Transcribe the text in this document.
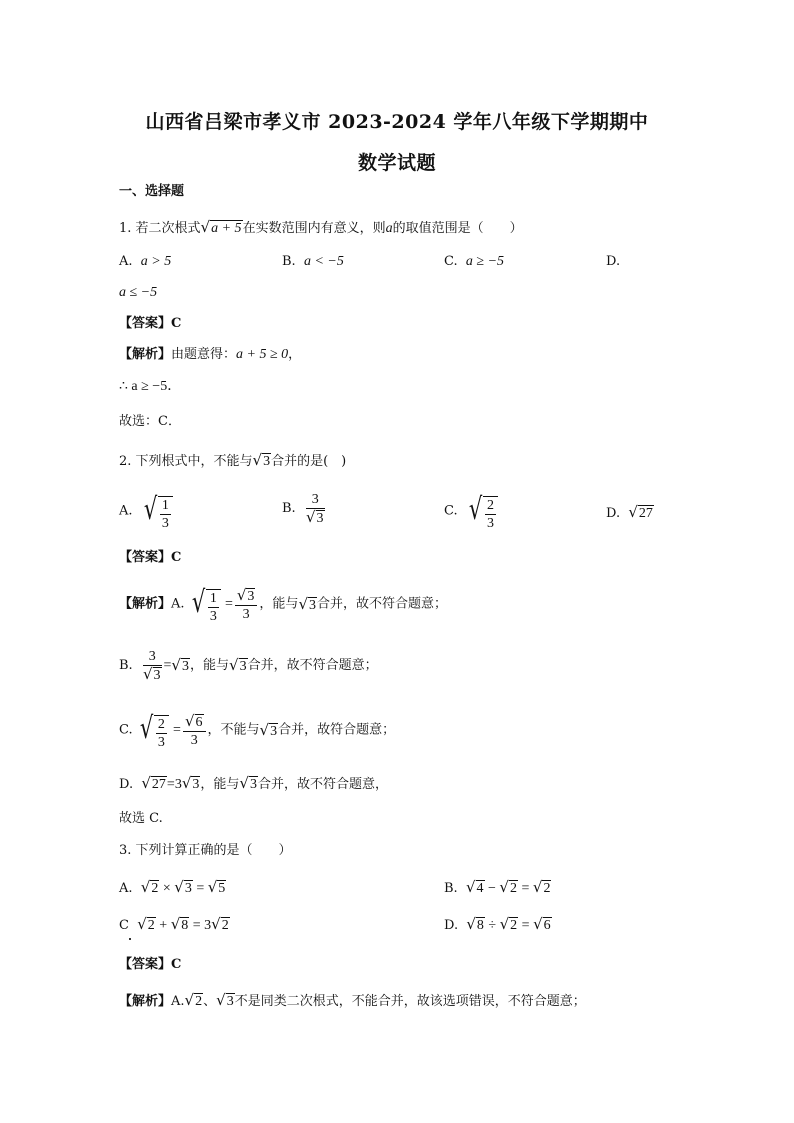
山西省吕梁市孝义市 2023-2024 学年八年级下学期期中
数学试题
一、选择题
1. 若二次根式√a + 5在实数范围内有意义，则a的取值范围是（　　）
A. a > 5	B. a < −5	C. a ≥ −5	D.
a ≤ −5
【答案】C
【解析】由题意得：a + 5 ≥ 0，
∴ a ≥ −5．
故选：C．
2. 下列根式中，不能与√3合并的是(　)
A. √ $\frac{1}{3}$	B. $\frac{3}{√3}$	C. √ $\frac{2}{3}$	D. √27
【答案】C
【解析】A. √ $\frac{1}{3} = \frac{√3}{3}$ ，能与√3合并，故不符合题意；
B. $\frac{3}{√3} =√3$，能与√3合并，故不符合题意；
C. √ $\frac{2}{3} = \frac{√6}{3}$ ，不能与√3合并，故符合题意；
D. √27=3√3，能与√3合并，故不符合题意，
故选 C.
3. 下列计算正确的是（　　）
A. √2 × √3 = √5	B. √4 − √2 = √2
C √2 + √8 = 3√2	D. √8 ÷ √2 = √6
【答案】C
【解析】A.√2、√3不是同类二次根式，不能合并，故该选项错误，不符合题意；
